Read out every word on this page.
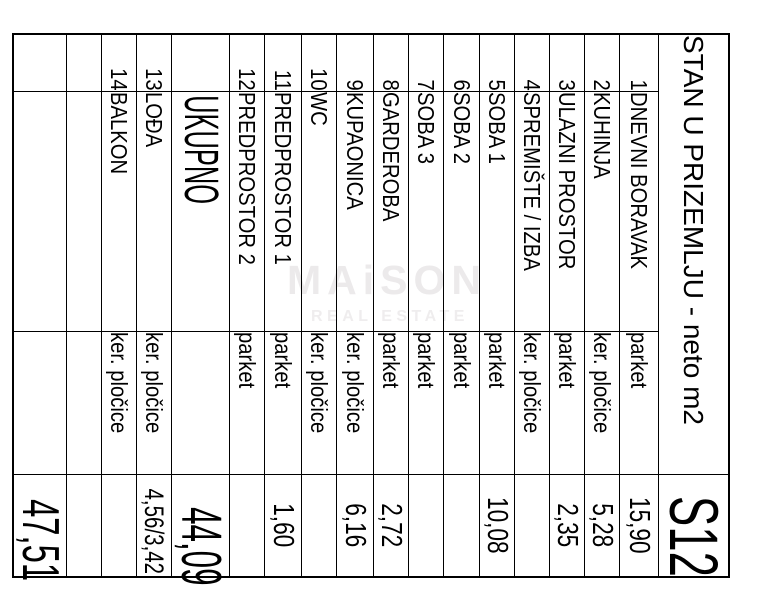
MAiSON
REAL ESTATE	STAN U PRIZEMLJU - neto m2			S12
1	DNEVNI BORAVAK	parket	15,90
2	KUHINJA	ker. pločice	5,28
3	ULAZNI PROSTOR	parket	2,35
4	SPREMIŠTE / IZBA	ker. pločice	
5	SOBA 1	parket	10,08
6	SOBA 2	parket	
7	SOBA 3	parket	
8	GARDEROBA	parket	2,72
9	KUPAONICA	ker. pločice	6,16
10	WC	ker. pločice	
11	PREDPROSTOR 1	parket	1,60
12	PREDPROSTOR 2	parket	
	UKUPNO		44,09
13	LOĐA	ker. pločice	4,56/3,42
14	BALKON	ker. pločice	

			47,51
